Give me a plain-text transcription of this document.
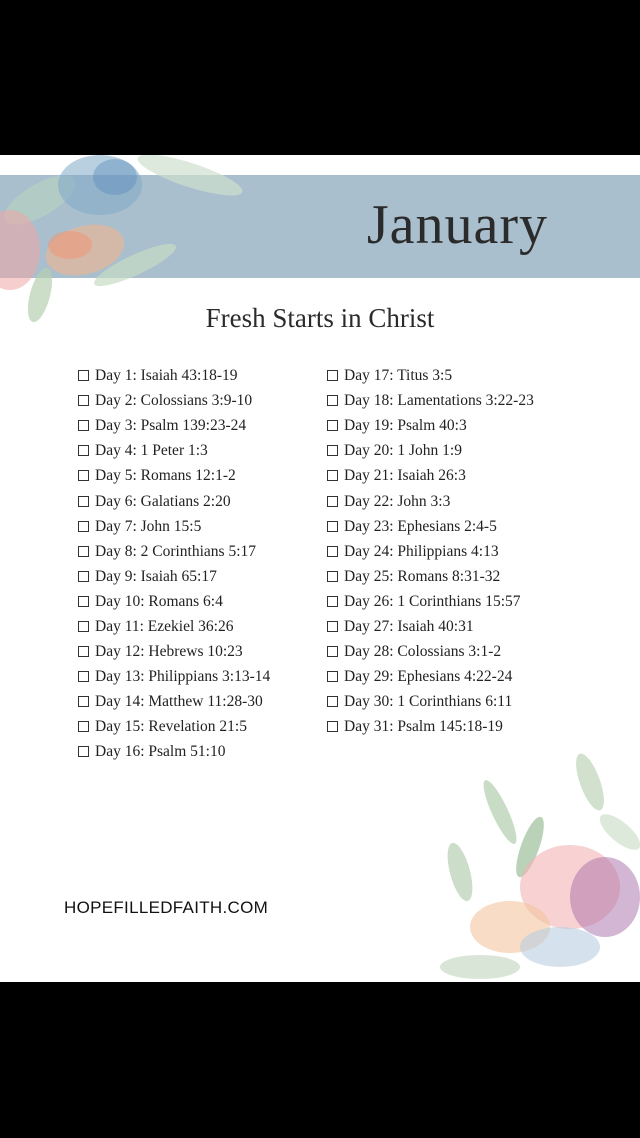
January
Fresh Starts in Christ
Day 1: Isaiah 43:18-19
Day 2: Colossians 3:9-10
Day 3: Psalm 139:23-24
Day 4: 1 Peter 1:3
Day 5: Romans 12:1-2
Day 6: Galatians 2:20
Day 7: John 15:5
Day 8: 2 Corinthians 5:17
Day 9: Isaiah 65:17
Day 10: Romans 6:4
Day 11: Ezekiel 36:26
Day 12: Hebrews 10:23
Day 13: Philippians 3:13-14
Day 14: Matthew 11:28-30
Day 15: Revelation 21:5
Day 16: Psalm 51:10
Day 17: Titus 3:5
Day 18: Lamentations 3:22-23
Day 19: Psalm 40:3
Day 20: 1 John 1:9
Day 21: Isaiah 26:3
Day 22: John 3:3
Day 23: Ephesians 2:4-5
Day 24: Philippians 4:13
Day 25: Romans 8:31-32
Day 26: 1 Corinthians 15:57
Day 27: Isaiah 40:31
Day 28: Colossians 3:1-2
Day 29: Ephesians 4:22-24
Day 30: 1 Corinthians 6:11
Day 31: Psalm 145:18-19
HOPEFILLEDFAITH.COM
